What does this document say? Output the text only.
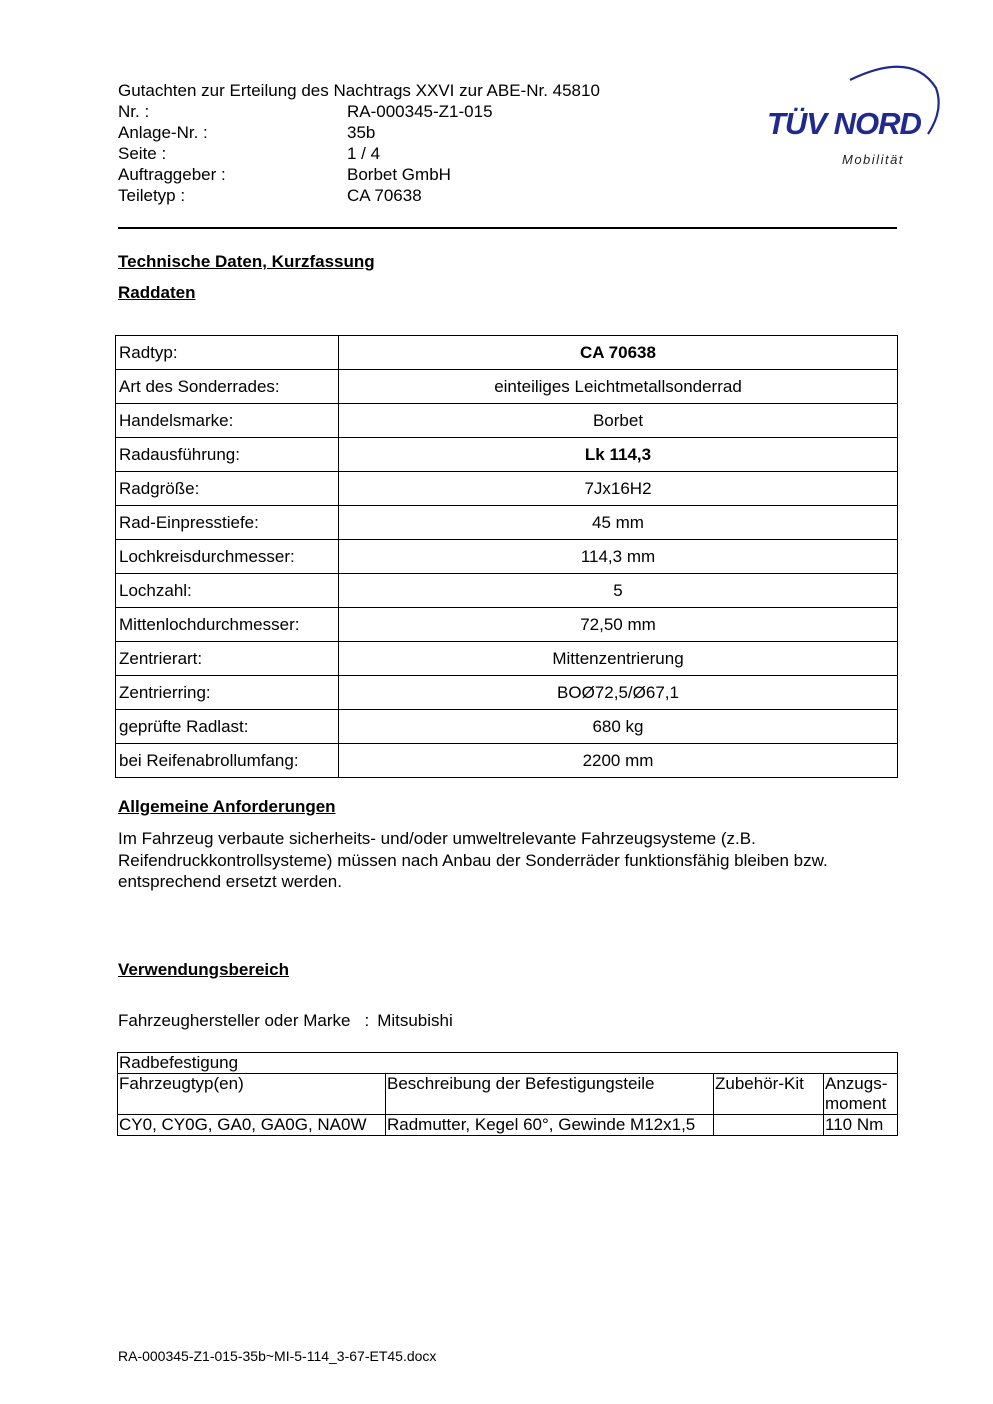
Gutachten zur Erteilung des Nachtrags XXVI zur ABE-Nr. 45810
Nr. :	RA-000345-Z1-015
Anlage-Nr. :	35b
Seite :	1 / 4
Auftraggeber :	Borbet GmbH
Teiletyp :	CA 70638
TÜV NORD
Mobilität
Technische Daten, Kurzfassung
Raddaten
Radtyp:	CA 70638
Art des Sonderrades:	einteiliges Leichtmetallsonderrad
Handelsmarke:	Borbet
Radausführung:	Lk 114,3
Radgröße:	7Jx16H2
Rad-Einpresstiefe:	45 mm
Lochkreisdurchmesser:	114,3 mm
Lochzahl:	5
Mittenlochdurchmesser:	72,50 mm
Zentrierart:	Mittenzentrierung
Zentrierring:	BOØ72,5/Ø67,1
geprüfte Radlast:	680 kg
bei Reifenabrollumfang:	2200 mm
Allgemeine Anforderungen
Im Fahrzeug verbaute sicherheits- und/oder umweltrelevante Fahrzeugsysteme (z.B. Reifendruckkontrollsysteme) müssen nach Anbau der Sonderräder funktionsfähig bleiben bzw. entsprechend ersetzt werden.
Verwendungsbereich
Fahrzeughersteller oder Marke : Mitsubishi
Radbefestigung			
Fahrzeugtyp(en)	Beschreibung der Befestigungsteile	Zubehör-Kit	Anzugs-moment
CY0, CY0G, GA0, GA0G, NA0W	Radmutter, Kegel 60°, Gewinde M12x1,5		110 Nm
RA-000345-Z1-015-35b~MI-5-114_3-67-ET45.docx
